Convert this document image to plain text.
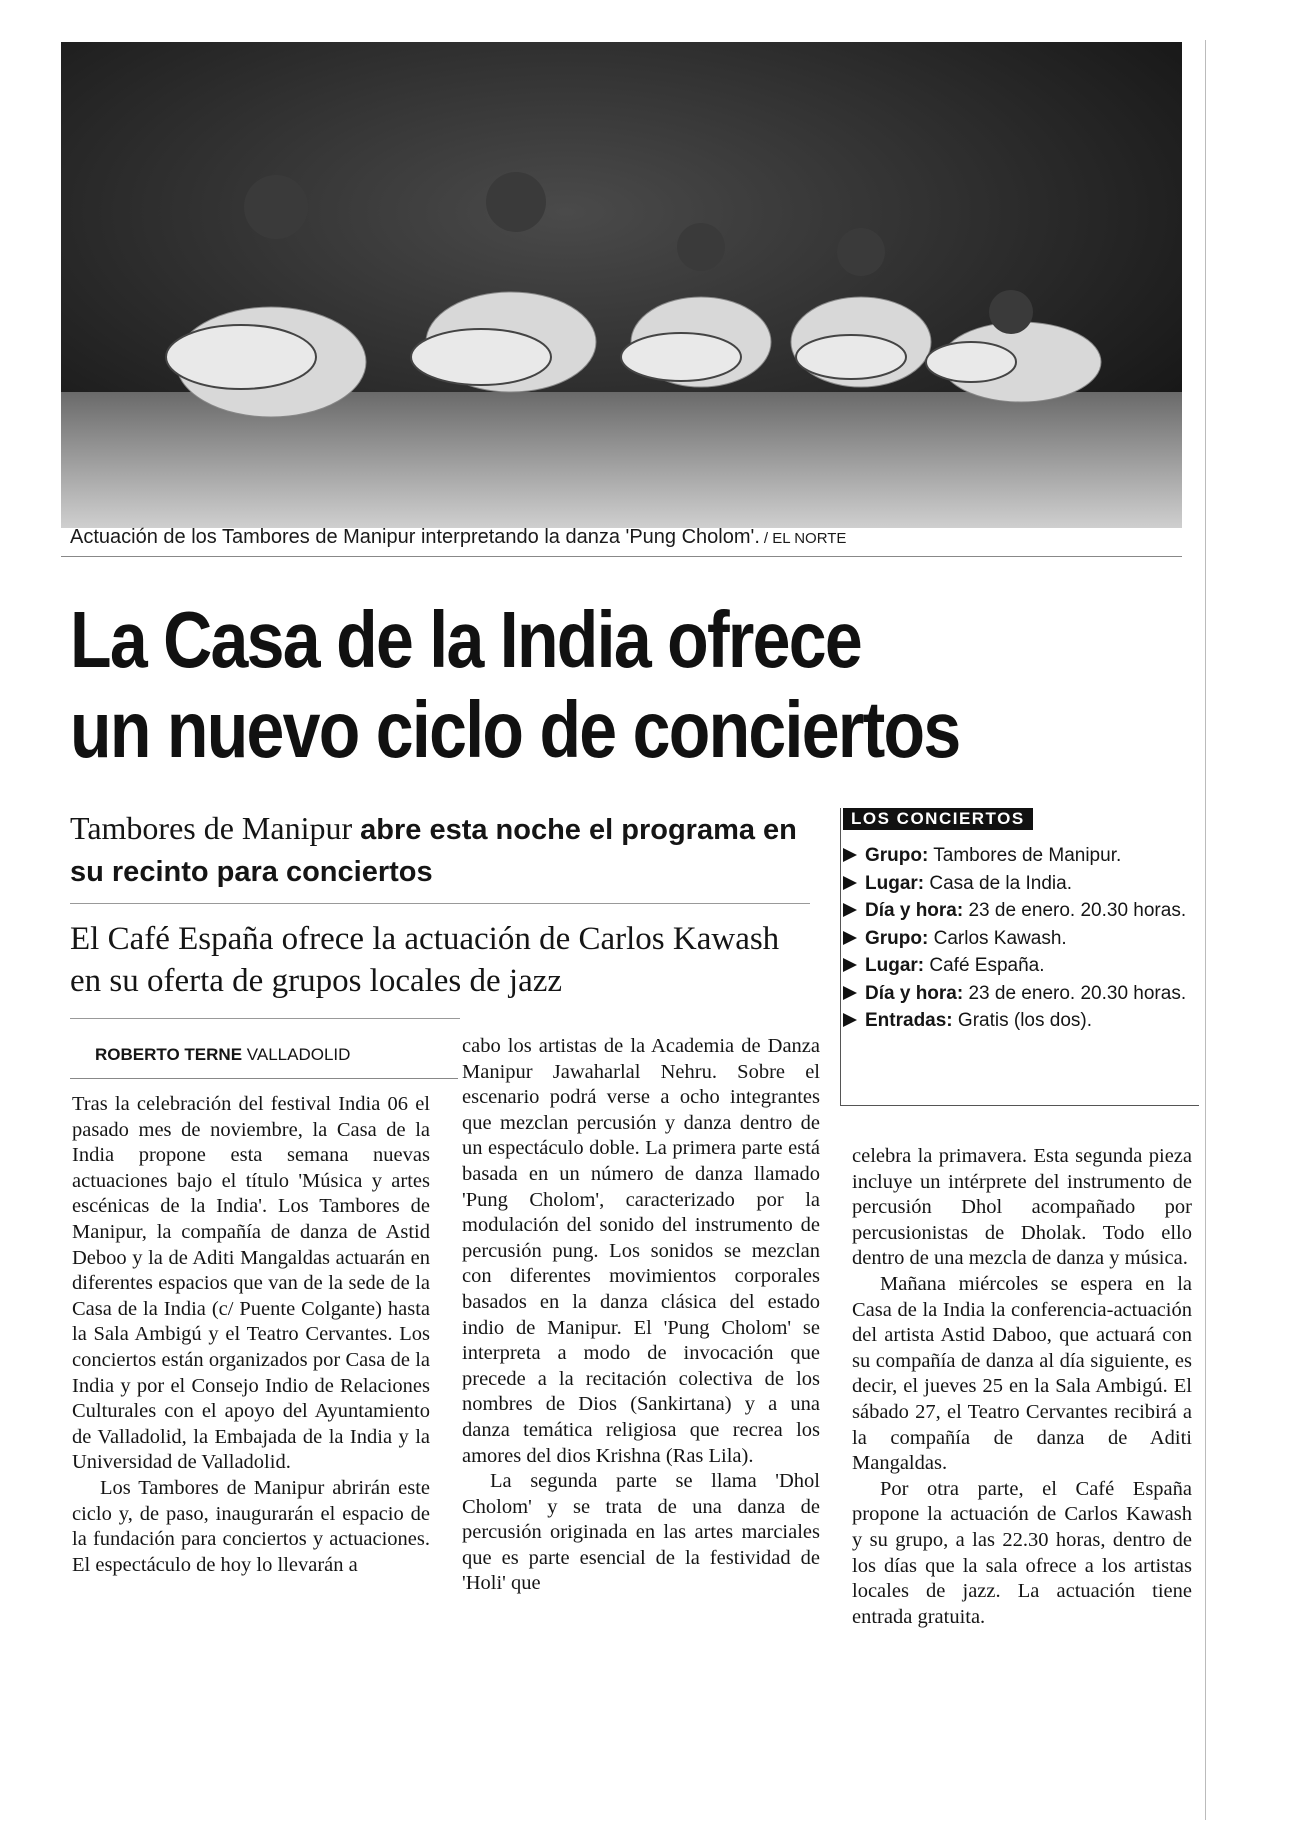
Actuación de los Tambores de Manipur interpretando la danza 'Pung Cholom'. / EL NORTE
La Casa de la India ofrece
un nuevo ciclo de conciertos
Tambores de Manipur abre esta noche el programa en su recinto para conciertos
El Café España ofrece la actuación de Carlos Kawash en su oferta de grupos locales de jazz
ROBERTO TERNE VALLADOLID

Tras la celebración del festival India 06 el pasado mes de noviembre, la Casa de la India propone esta semana nuevas actuaciones bajo el título 'Música y artes escénicas de la India'. Los Tambores de Manipur, la compañía de danza de Astid Deboo y la de Aditi Mangaldas actuarán en diferentes espacios que van de la sede de la Casa de la India (c/ Puente Colgante) hasta la Sala Ambigú y el Teatro Cervantes. Los conciertos están organizados por Casa de la India y por el Consejo Indio de Relaciones Culturales con el apoyo del Ayuntamiento de Valladolid, la Embajada de la India y la Universidad de Valladolid.

Los Tambores de Manipur abrirán este ciclo y, de paso, inaugurarán el espacio de la fundación para conciertos y actuaciones. El espectáculo de hoy lo llevarán a

cabo los artistas de la Academia de Danza Manipur Jawaharlal Nehru. Sobre el escenario podrá verse a ocho integrantes que mezclan percusión y danza dentro de un espectáculo doble. La primera parte está basada en un número de danza llamado 'Pung Cholom', caracterizado por la modulación del sonido del instrumento de percusión pung. Los sonidos se mezclan con diferentes movimientos corporales basados en la danza clásica del estado indio de Manipur. El 'Pung Cholom' se interpreta a modo de invocación que precede a la recitación colectiva de los nombres de Dios (Sankirtana) y a una danza temática religiosa que recrea los amores del dios Krishna (Ras Lila).

La segunda parte se llama 'Dhol Cholom' y se trata de una danza de percusión originada en las artes marciales que es parte esencial de la festividad de 'Holi' que

celebra la primavera. Esta segunda pieza incluye un intérprete del instrumento de percusión Dhol acompañado por percusionistas de Dholak. Todo ello dentro de una mezcla de danza y música.

Mañana miércoles se espera en la Casa de la India la conferencia-actuación del artista Astid Daboo, que actuará con su compañía de danza al día siguiente, es decir, el jueves 25 en la Sala Ambigú. El sábado 27, el Teatro Cervantes recibirá a la compañía de danza de Aditi Mangaldas.

Por otra parte, el Café España propone la actuación de Carlos Kawash y su grupo, a las 22.30 horas, dentro de los días que la sala ofrece a los artistas locales de jazz. La actuación tiene entrada gratuita.

LOS CONCIERTOS
Grupo: Tambores de Manipur.
Lugar: Casa de la India.
Día y hora: 23 de enero. 20.30 horas.
Grupo: Carlos Kawash.
Lugar: Café España.
Día y hora: 23 de enero. 20.30 horas.
Entradas: Gratis (los dos).
